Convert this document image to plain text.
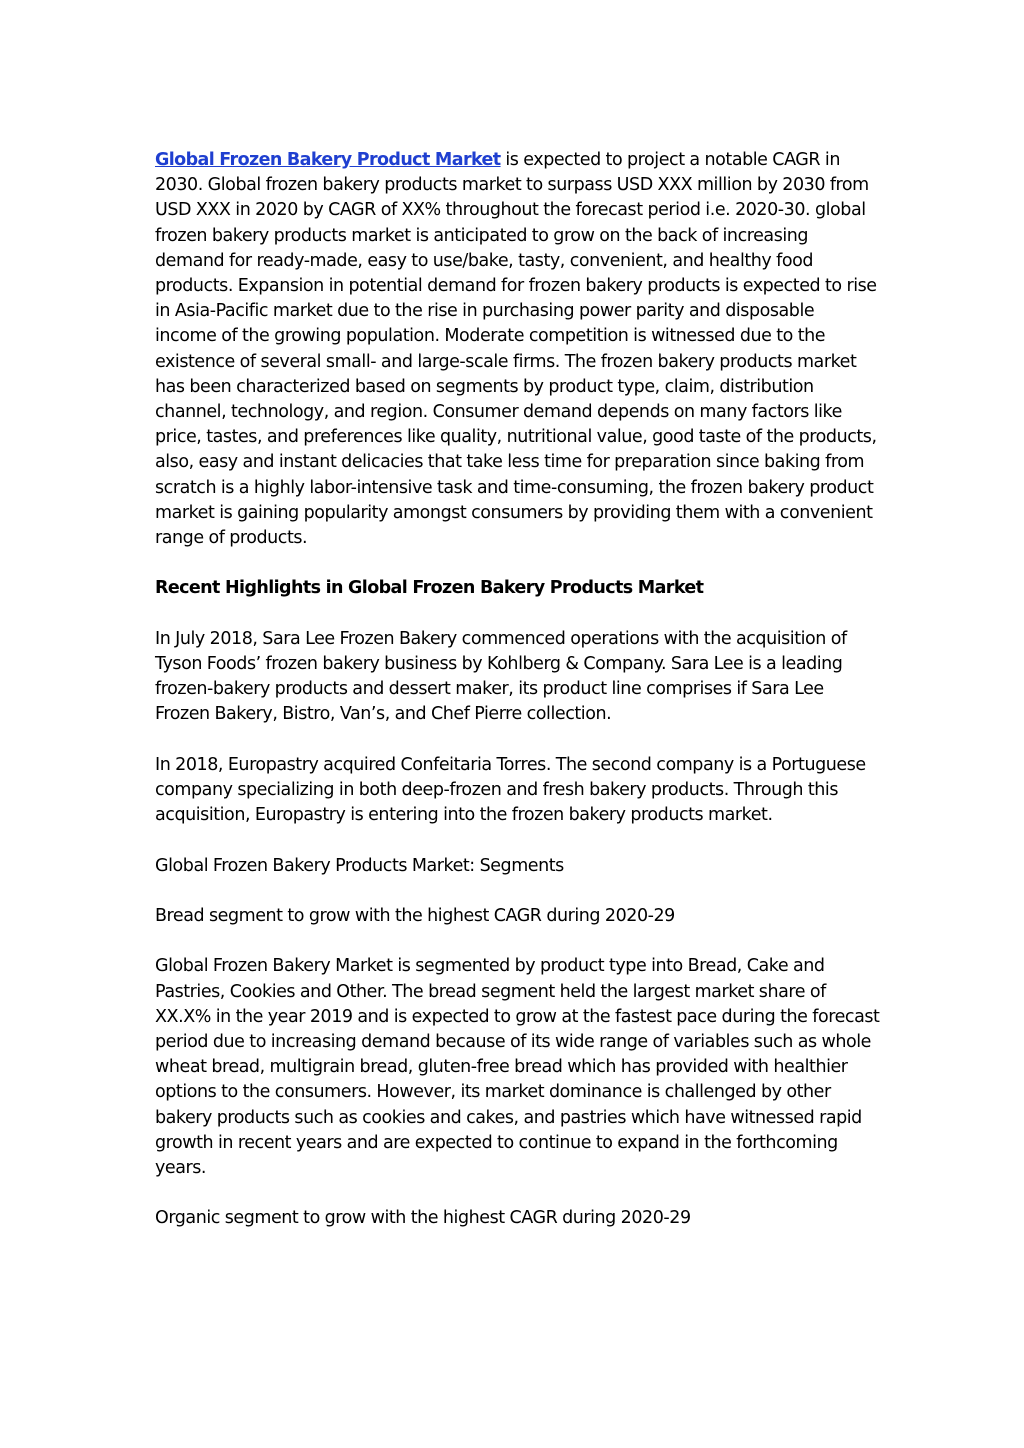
Global Frozen Bakery Product Market is expected to project a notable CAGR in 2030. Global frozen bakery products market to surpass USD XXX million by 2030 from USD XXX in 2020 by CAGR of XX% throughout the forecast period i.e. 2020-30. global frozen bakery products market is anticipated to grow on the back of increasing demand for ready-made, easy to use/bake, tasty, convenient, and healthy food products. Expansion in potential demand for frozen bakery products is expected to rise in Asia-Pacific market due to the rise in purchasing power parity and disposable income of the growing population. Moderate competition is witnessed due to the existence of several small- and large-scale firms. The frozen bakery products market has been characterized based on segments by product type, claim, distribution channel, technology, and region. Consumer demand depends on many factors like price, tastes, and preferences like quality, nutritional value, good taste of the products, also, easy and instant delicacies that take less time for preparation since baking from scratch is a highly labor-intensive task and time-consuming, the frozen bakery product market is gaining popularity amongst consumers by providing them with a convenient range of products.

Recent Highlights in Global Frozen Bakery Products Market

In July 2018, Sara Lee Frozen Bakery commenced operations with the acquisition of Tyson Foods’ frozen bakery business by Kohlberg & Company. Sara Lee is a leading frozen-bakery products and dessert maker, its product line comprises if Sara Lee Frozen Bakery, Bistro, Van’s, and Chef Pierre collection.

In 2018, Europastry acquired Confeitaria Torres. The second company is a Portuguese company specializing in both deep-frozen and fresh bakery products. Through this acquisition, Europastry is entering into the frozen bakery products market.

Global Frozen Bakery Products Market: Segments

Bread segment to grow with the highest CAGR during 2020-29

Global Frozen Bakery Market is segmented by product type into Bread, Cake and Pastries, Cookies and Other. The bread segment held the largest market share of XX.X% in the year 2019 and is expected to grow at the fastest pace during the forecast period due to increasing demand because of its wide range of variables such as whole wheat bread, multigrain bread, gluten-free bread which has provided with healthier options to the consumers. However, its market dominance is challenged by other bakery products such as cookies and cakes, and pastries which have witnessed rapid growth in recent years and are expected to continue to expand in the forthcoming years.

Organic segment to grow with the highest CAGR during 2020-29
